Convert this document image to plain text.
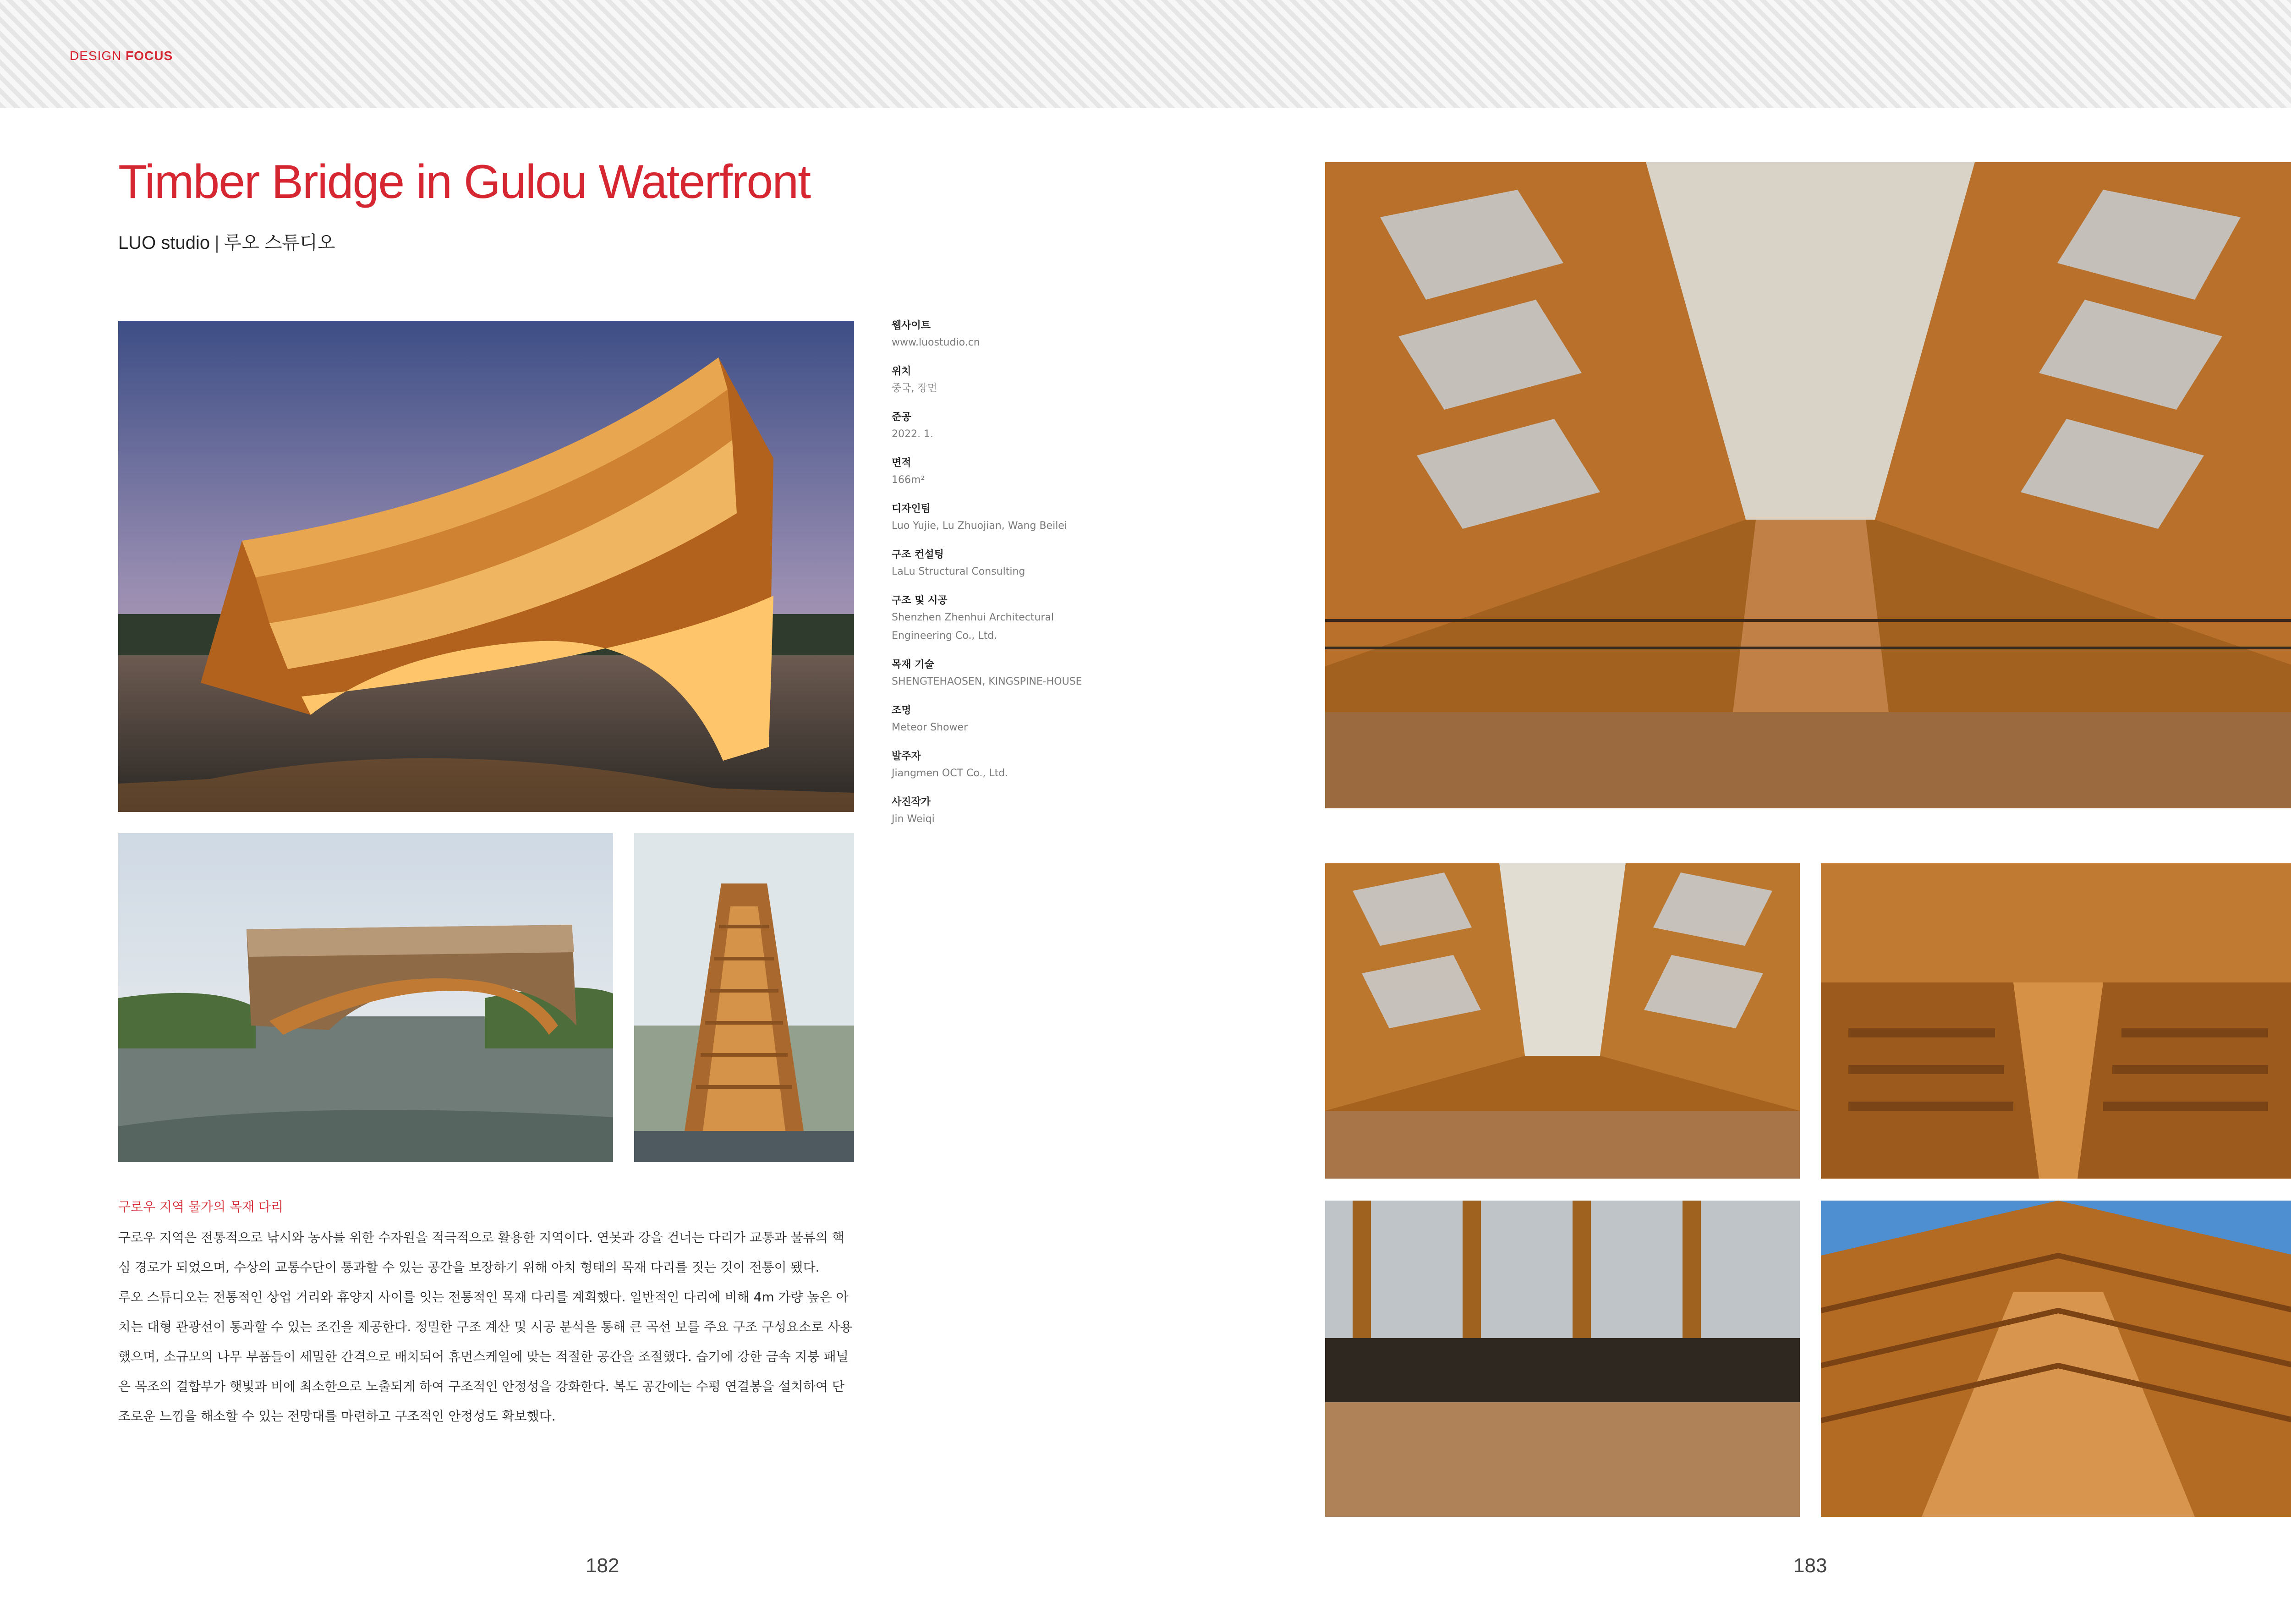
DESIGN FOCUS
Timber Bridge in Gulou Waterfront
LUO studio | 루오 스튜디오
웹사이트
www.luostudio.cn
위치
중국, 장먼
준공
2022. 1.
면적
166m²
디자인팀
Luo Yujie, Lu Zhuojian, Wang Beilei
구조 컨설팅
LaLu Structural Consulting
구조 및 시공
Shenzhen Zhenhui Architectural
Engineering Co., Ltd.
목재 기술
SHENGTEHAOSEN, KINGSPINE-HOUSE
조명
Meteor Shower
발주자
Jiangmen OCT Co., Ltd.
사진작가
Jin Weiqi
구로우 지역 물가의 목재 다리

구로우 지역은 전통적으로 낚시와 농사를 위한 수자원을 적극적으로 활용한 지역이다. 연못과 강을 건너는 다리가 교통과 물류의 핵심 경로가 되었으며, 수상의 교통수단이 통과할 수 있는 공간을 보장하기 위해 아치 형태의 목재 다리를 짓는 것이 전통이 됐다.

루오 스튜디오는 전통적인 상업 거리와 휴양지 사이를 잇는 전통적인 목재 다리를 계획했다. 일반적인 다리에 비해 4m 가량 높은 아치는 대형 관광선이 통과할 수 있는 조건을 제공한다. 정밀한 구조 계산 및 시공 분석을 통해 큰 곡선 보를 주요 구조 구성요소로 사용했으며, 소규모의 나무 부품들이 세밀한 간격으로 배치되어 휴먼스케일에 맞는 적절한 공간을 조절했다. 습기에 강한 금속 지붕 패널은 목조의 결합부가 햇빛과 비에 최소한으로 노출되게 하여 구조적인 안정성을 강화한다. 복도 공간에는 수평 연결봉을 설치하여 단조로운 느낌을 해소할 수 있는 전망대를 마련하고 구조적인 안정성도 확보했다.

182	183
